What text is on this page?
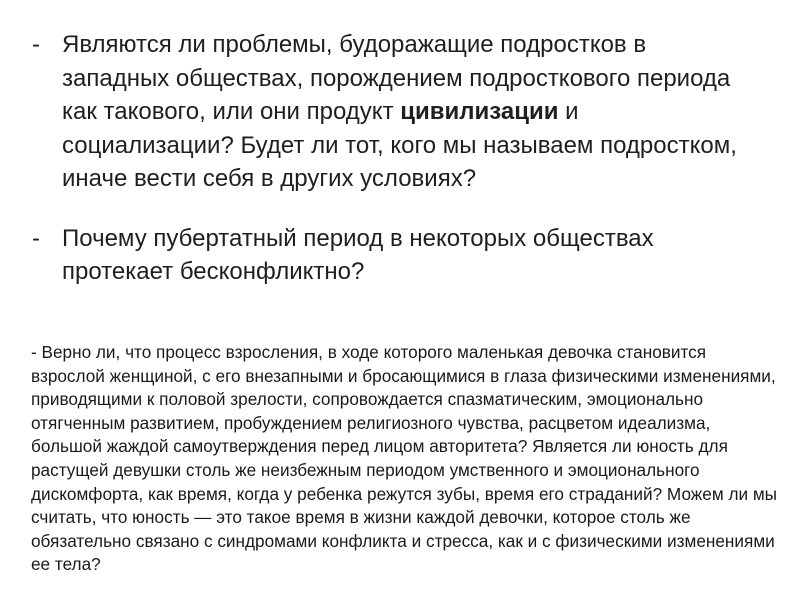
- Являются ли проблемы, будоражащие подростков в западных обществах, порождением подросткового периода как такового, или они продукт цивилизации и социализации? Будет ли тот, кого мы называем подростком, иначе вести себя в других условиях?
- Почему пубертатный период в некоторых обществах протекает бесконфликтно?

- Верно ли, что процесс взросления, в ходе которого маленькая девочка становится взрослой женщиной, с его внезапными и бросающимися в глаза физическими изменениями, приводящими к половой зрелости, сопровождается спазматическим, эмоционально отягченным развитием, пробуждением религиозного чувства, расцветом идеализма, большой жаждой самоутверждения перед лицом авторитета? Является ли юность для растущей девушки столь же неизбежным периодом умственного и эмоционального дискомфорта, как время, когда у ребенка режутся зубы, время его страданий? Можем ли мы считать, что юность — это такое время в жизни каждой девочки, которое столь же обязательно связано с синдромами конфликта и стресса, как и с физическими изменениями ее тела?
